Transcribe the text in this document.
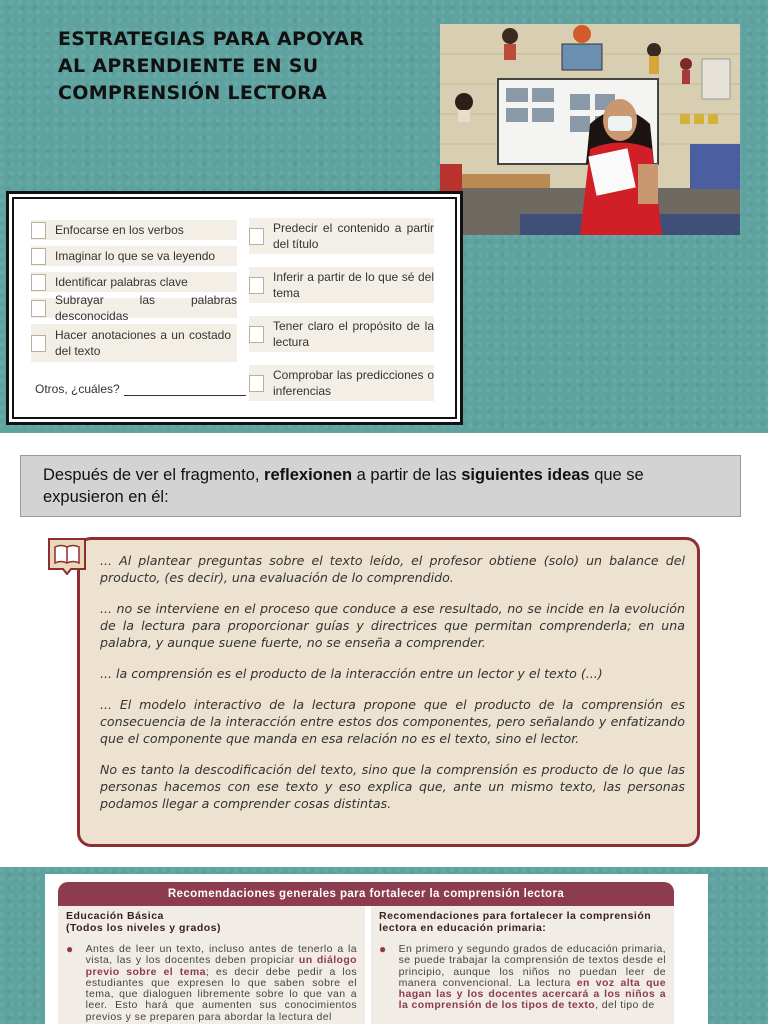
ESTRATEGIAS PARA APOYAR AL APRENDIENTE EN SU COMPRENSIÓN LECTORA
Enfocarse en los verbos
Imaginar lo que se va leyendo
Identificar palabras clave
Subrayar las palabras desconocidas
Hacer anotaciones a un costado del texto
Otros, ¿cuáles?
Predecir el contenido a partir del título
Inferir a partir de lo que sé del tema
Tener claro el propósito de la lectura
Comprobar las predicciones o inferencias
Después de ver el fragmento, reflexionen a partir de las siguientes ideas que se expusieron en él:

... Al plantear preguntas sobre el texto leído, el profesor obtiene (solo) un balance del producto, (es decir), una evaluación de lo comprendido.

... no se interviene en el proceso que conduce a ese resultado, no se incide en la evolución de la lectura para proporcionar guías y directrices que permitan comprenderla; en una palabra, y aunque suene fuerte, no se enseña a comprender.

... la comprensión es el producto de la interacción entre un lector y el texto (...)

... El modelo interactivo de la lectura propone que el producto de la comprensión es consecuencia de la interacción entre estos dos componentes, pero señalando y enfatizando que el componente que manda en esa relación no es el texto, sino el lector.

No es tanto la descodificación del texto, sino que la comprensión es producto de lo que las personas hacemos con ese texto y eso explica que, ante un mismo texto, las personas podamos llegar a comprender cosas distintas.

Recomendaciones generales para fortalecer la comprensión lectora
Educación Básica
(Todos los niveles y grados)
● Antes de leer un texto, incluso antes de tenerlo a la vista, las y los docentes deben propiciar un diálogo previo sobre el tema; es decir debe pedir a los estudiantes que expresen lo que saben sobre el tema, que dialoguen libremente sobre lo que van a leer. Esto hará que aumenten sus conocimientos previos y se preparen para abordar la lectura del
Recomendaciones para fortalecer la comprensión lectora en educación primaria:
● En primero y segundo grados de educación primaria, se puede trabajar la comprensión de textos desde el principio, aunque los niños no puedan leer de manera convencional. La lectura en voz alta que hagan las y los docentes acercará a los niños a la comprensión de los tipos de texto, del tipo de
